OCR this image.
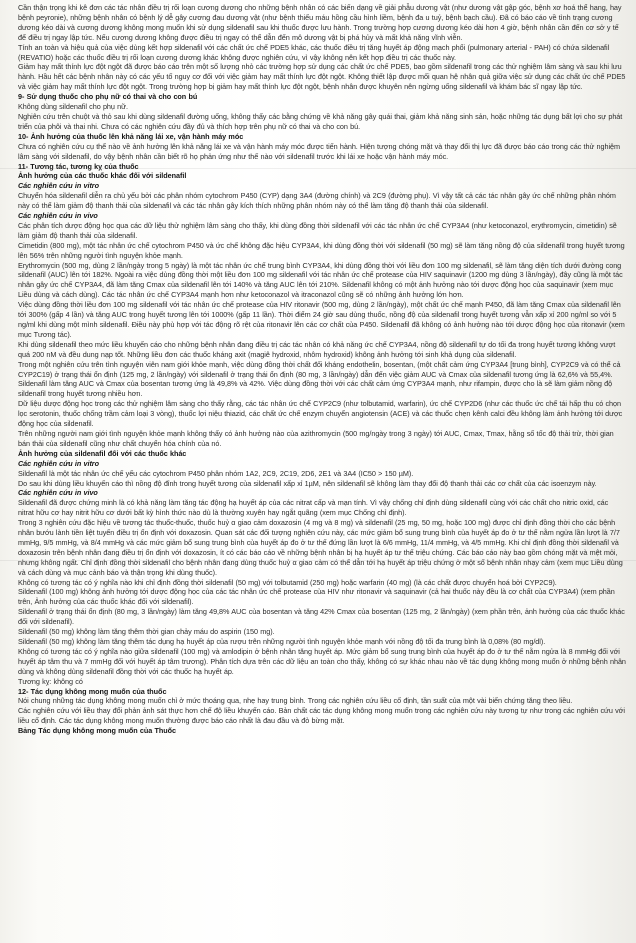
Cần thận trọng khi kê đơn các tác nhân điều trị rối loạn cương dương cho những bệnh nhân có các biến dạng về giải phẫu dương vật (như dương vật gập góc, bệnh xơ hoá thể hang, hay bệnh peyronie), những bệnh nhân có bệnh lý dễ gây cương đau dương vật (như bệnh thiếu máu hồng cầu hình liềm, bệnh đa u tuỷ, bệnh bạch cầu). Đã có báo cáo về tình trạng cương dương kéo dài và cương dương không mong muốn khi sử dụng sildenafil sau khi thuốc được lưu hành. Trong trường hợp cương dương kéo dài hơn 4 giờ, bệnh nhân cần đến cơ sở y tế để điều trị ngay lập tức. Nếu cương dương không được điều trị ngay có thể dẫn đến mô dương vật bị phá hủy và mất khả năng vĩnh viễn.

Tính an toàn và hiệu quả của việc dùng kết hợp sildenafil với các chất ức chế PDE5 khác, các thuốc điều trị tăng huyết áp động mạch phổi (pulmonary arterial - PAH) có chứa sildenafil (REVATIO) hoặc các thuốc điều trị rối loạn cương dương khác không được nghiên cứu, vì vậy không nên kết hợp điều trị các thuốc này.

Giảm hay mất thính lực đột ngột đã được báo cáo trên một số lượng nhỏ các trường hợp sử dụng các chất ức chế PDE5, bao gồm sildenafil trong các thử nghiệm lâm sàng và sau khi lưu hành. Hầu hết các bệnh nhân này có các yếu tố nguy cơ đối với việc giảm hay mất thính lực đột ngột. Không thiết lập được mối quan hệ nhân quả giữa việc sử dụng các chất ức chế PDE5 và việc giảm hay mất thính lực đột ngột. Trong trường hợp bị giảm hay mất thính lực đột ngột, bệnh nhân được khuyên nên ngừng uống sildenafil và khám bác sĩ ngay lập tức.

9- Sử dụng thuốc cho phụ nữ có thai và cho con bú

Không dùng sildenafil cho phụ nữ.

Nghiên cứu trên chuột và thỏ sau khi dùng sildenafil đường uống, không thấy các bằng chứng về khả năng gây quái thai, giảm khả năng sinh sản, hoặc những tác dụng bất lợi cho sự phát triển của phôi và thai nhi. Chưa có các nghiên cứu đầy đủ và thích hợp trên phụ nữ có thai và cho con bú.

10- Ảnh hưởng của thuốc lên khả năng lái xe, vận hành máy móc

Chưa có nghiên cứu cụ thể nào về ảnh hưởng lên khả năng lái xe và vận hành máy móc được tiến hành. Hiện tượng chóng mặt và thay đổi thị lực đã được báo cáo trong các thử nghiệm lâm sàng với sildenafil, do vậy bệnh nhân cần biết rõ họ phản ứng như thế nào với sildenafil trước khi lái xe hoặc vận hành máy móc.

11- Tương tác, tương kỵ của thuốc

Ảnh hưởng của các thuốc khác đối với sildenafil

Các nghiên cứu in vitro

Chuyển hóa sildenafil diễn ra chủ yếu bởi các phân nhóm cytochrom P450 (CYP) dạng 3A4 (đường chính) và 2C9 (đường phụ). Vì vậy tất cả các tác nhân gây ức chế những phân nhóm này có thể làm giảm độ thanh thải của sildenafil và các tác nhân gây kích thích những phân nhóm này có thể làm tăng độ thanh thải của sildenafil.

Các nghiên cứu in vivo

Các phân tích dược động học qua các dữ liệu thử nghiệm lâm sàng cho thấy, khi dùng đồng thời sildenafil với các tác nhân ức chế CYP3A4 (như ketoconazol, erythromycin, cimetidin) sẽ làm giảm độ thanh thải của sildenafil.

Cimetidin (800 mg), một tác nhân ức chế cytochrom P450 và ức chế không đặc hiệu CYP3A4, khi dùng đồng thời với sildenafil (50 mg) sẽ làm tăng nồng độ của sildenafil trong huyết tương lên 56% trên những người tình nguyện khỏe mạnh.

Erythromycin (500 mg, dùng 2 lần/ngày trong 5 ngày) là một tác nhân ức chế trung bình CYP3A4, khi dùng đồng thời với liều đơn 100 mg sildenafil, sẽ làm tăng diện tích dưới đường cong sildenafil (AUC) lên tới 182%. Ngoài ra việc dùng đồng thời một liều đơn 100 mg sildenafil với tác nhân ức chế protease của HIV saquinavir (1200 mg dùng 3 lần/ngày), đây cũng là một tác nhân gây ức chế CYP3A4, đã làm tăng Cmax của sildenafil lên tới 140% và tăng AUC lên tới 210%. Sildenafil không có một ảnh hưởng nào tới dược động học của saquinavir (xem mục Liều dùng và cách dùng). Các tác nhân ức chế CYP3A4 mạnh hơn như ketoconazol và itraconazol cũng sẽ có những ảnh hưởng lớn hơn.

Việc dùng đồng thời liều đơn 100 mg sildenafil với tác nhân ức chế protease của HIV ritonavir (500 mg, dùng 2 lần/ngày), một chất ức chế mạnh P450, đã làm tăng Cmax của sildenafil lên tới 300% (gấp 4 lần) và tăng AUC trong huyết tương lên tới 1000% (gấp 11 lần). Thời điểm 24 giờ sau dùng thuốc, nồng độ của sildenafil trong huyết tương vẫn xấp xỉ 200 ng/ml so với 5 ng/ml khi dùng một mình sildenafil. Điều này phù hợp với tác động rõ rệt của ritonavir lên các cơ chất của P450. Sildenafil đã không có ảnh hưởng nào tới dược động học của ritonavir (xem mục Tương tác).

Khi dùng sildenafil theo mức liều khuyến cáo cho những bệnh nhân đang điều trị các tác nhân có khả năng ức chế CYP3A4, nồng độ sildenafil tự do tối đa trong huyết tương không vượt quá 200 nM và đều dung nạp tốt. Những liều đơn các thuốc kháng axit (magiê hydroxid, nhôm hydroxid) không ảnh hưởng tới sinh khả dụng của sildenafil.

Trong một nghiên cứu trên tình nguyện viên nam giới khỏe mạnh, việc dùng đồng thời chất đối kháng endothelin, bosentan, (một chất cảm ứng CYP3A4 [trung bình], CYP2C9 và có thể cả CYP2C19) ở trạng thái ổn định (125 mg, 2 lần/ngày) với sildenafil ở trạng thái ổn định (80 mg, 3 lần/ngày) dẫn đến việc giảm AUC và Cmax của sildenafil tương ứng là 62,6% và 55,4%. Sildenafil làm tăng AUC và Cmax của bosentan tương ứng là 49,8% và 42%. Việc dùng đồng thời với các chất cảm ứng CYP3A4 mạnh, như rifampin, được cho là sẽ làm giảm nồng độ sildenafil trong huyết tương nhiều hơn.

Dữ liệu dược động học trong các thử nghiệm lâm sàng cho thấy rằng, các tác nhân ức chế CYP2C9 (như tolbutamid, warfarin), ức chế CYP2D6 (như các thuốc ức chế tái hấp thu có chọn lọc serotonin, thuốc chống trầm cảm loại 3 vòng), thuốc lợi niệu thiazid, các chất ức chế enzym chuyển angiotensin (ACE) và các thuốc chẹn kênh calci đều không làm ảnh hưởng tới dược động học của sildenafil.

Trên những người nam giới tình nguyện khỏe mạnh không thấy có ảnh hưởng nào của azithromycin (500 mg/ngày trong 3 ngày) tới AUC, Cmax, Tmax, hằng số tốc độ thải trừ, thời gian bán thải của sildenafil cũng như chất chuyển hóa chính của nó.

Ảnh hưởng của sildenafil đối với các thuốc khác

Các nghiên cứu in vitro

Sildenafil là một tác nhân ức chế yếu các cytochrom P450 phân nhóm 1A2, 2C9, 2C19, 2D6, 2E1 và 3A4 (IC50 > 150 µM).

Do sau khi dùng liều khuyến cáo thì nồng độ đỉnh trong huyết tương của sildenafil xấp xỉ 1µM, nên sildenafil sẽ không làm thay đổi độ thanh thải các cơ chất của các isoenzym này.

Các nghiên cứu in vivo

Sildenafil đã được chứng minh là có khả năng làm tăng tác động hạ huyết áp của các nitrat cấp và mạn tính. Vì vậy chống chỉ định dùng sildenafil cùng với các chất cho nitric oxid, các nitrat hữu cơ hay nitrit hữu cơ dưới bất kỳ hình thức nào dù là thường xuyên hay ngắt quãng (xem mục Chống chỉ định).

Trong 3 nghiên cứu đặc hiệu về tương tác thuốc-thuốc, thuốc huỷ α giao cảm doxazosin (4 mg và 8 mg) và sildenafil (25 mg, 50 mg, hoặc 100 mg) được chỉ định đồng thời cho các bệnh nhân bướu lành tiền liệt tuyến điều trị ổn định với doxazosin. Quan sát các đối tượng nghiên cứu này, các mức giảm bổ sung trung bình của huyết áp đo ở tư thế nằm ngửa lần lượt là 7/7 mmHg, 9/5 mmHg, và 8/4 mmHg và các mức giảm bổ sung trung bình của huyết áp đo ở tư thế đứng lần lượt là 6/6 mmHg, 11/4 mmHg, và 4/5 mmHg. Khi chỉ định đồng thời sildenafil và doxazosin trên bệnh nhân đang điều trị ổn định với doxazosin, ít có các báo cáo về những bệnh nhân bị hạ huyết áp tư thế triệu chứng. Các báo cáo này bao gồm chóng mặt và mệt mỏi, nhưng không ngất. Chỉ định đồng thời sildenafil cho bệnh nhân đang dùng thuốc huỷ α giao cảm có thể dẫn tới hạ huyết áp triệu chứng ở một số bệnh nhân nhạy cảm (xem mục Liều dùng và cách dùng và mục cảnh báo và thận trọng khi dùng thuốc).

Không có tương tác có ý nghĩa nào khi chỉ định đồng thời sildenafil (50 mg) với tolbutamid (250 mg) hoặc warfarin (40 mg) (là các chất được chuyển hoá bởi CYP2C9).

Sildenafil (100 mg) không ảnh hưởng tới dược động học của các tác nhân ức chế protease của HIV như ritonavir và saquinavir (cả hai thuốc này đều là cơ chất của CYP3A4) (xem phần trên, Ảnh hưởng của các thuốc khác đối với sildenafil).

Sildenafil ở trạng thái ổn định (80 mg, 3 lần/ngày) làm tăng 49,8% AUC của bosentan và tăng 42% Cmax của bosentan (125 mg, 2 lần/ngày) (xem phần trên, ảnh hưởng của các thuốc khác đối với sildenafil).

Sildenafil (50 mg) không làm tăng thêm thời gian chảy máu do aspirin (150 mg).

Sildenafil (50 mg) không làm tăng thêm tác dụng hạ huyết áp của rượu trên những người tình nguyện khỏe mạnh với nồng độ tối đa trung bình là 0,08% (80 mg/dl).

Không có tương tác có ý nghĩa nào giữa sildenafil (100 mg) và amlodipin ở bệnh nhân tăng huyết áp. Mức giảm bổ sung trung bình của huyết áp đo ở tư thế nằm ngửa là 8 mmHg đối với huyết áp tâm thu và 7 mmHg đối với huyết áp tâm trương). Phân tích dựa trên các dữ liệu an toàn cho thấy, không có sự khác nhau nào về tác dụng không mong muốn ở những bệnh nhân dùng và không dùng sildenafil đồng thời với các thuốc hạ huyết áp.

Tương kỵ: không có

12- Tác dụng không mong muốn của thuốc

Nói chung những tác dụng không mong muốn chỉ ở mức thoáng qua, nhẹ hay trung bình. Trong các nghiên cứu liều cố định, tần suất của một vài biến chứng tăng theo liều.

Các nghiên cứu với liều thay đổi phản ảnh sát thực hơn chế độ liều khuyến cáo. Bản chất các tác dụng không mong muốn trong các nghiên cứu này tương tự như trong các nghiên cứu với liều cố định. Các tác dụng không mong muốn thường được báo cáo nhất là đau đầu và đỏ bừng mặt.

Bảng Tác dụng không mong muốn của Thuốc
